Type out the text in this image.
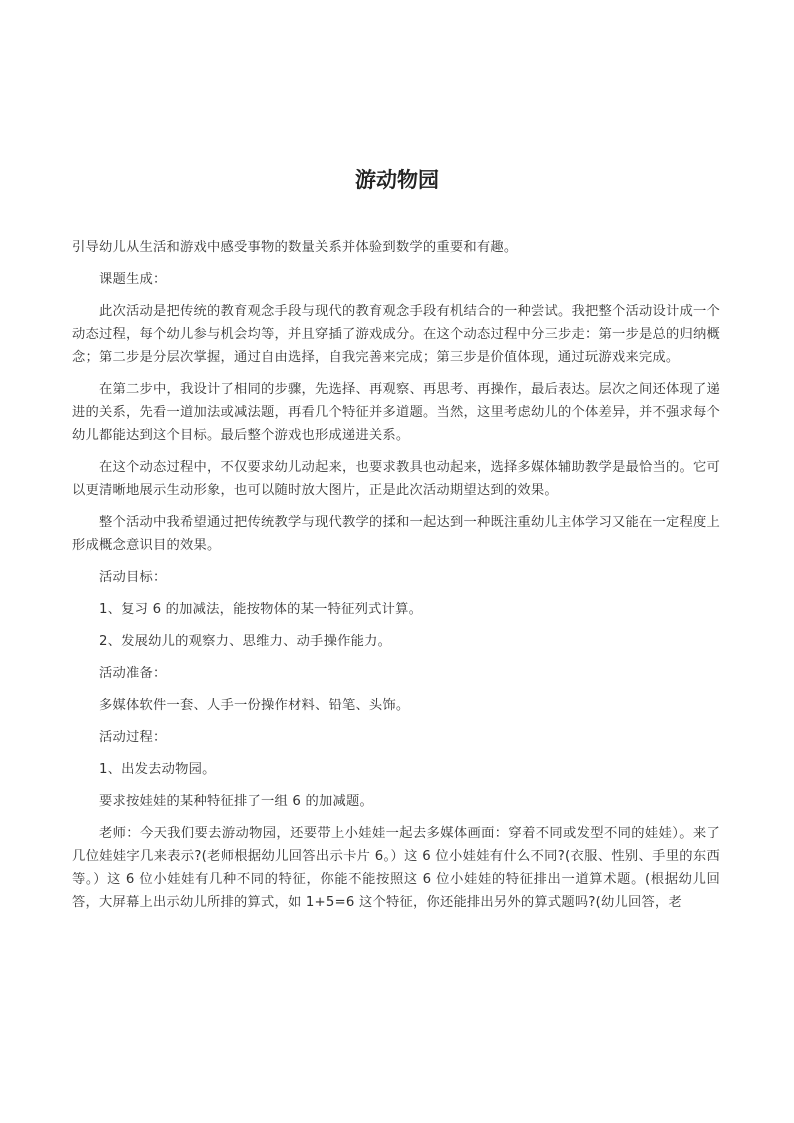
游动物园

引导幼儿从生活和游戏中感受事物的数量关系并体验到数学的重要和有趣。

课题生成：

此次活动是把传统的教育观念手段与现代的教育观念手段有机结合的一种尝试。我把整个活动设计成一个动态过程，每个幼儿参与机会均等，并且穿插了游戏成分。在这个动态过程中分三步走：第一步是总的归纳概念；第二步是分层次掌握，通过自由选择，自我完善来完成；第三步是价值体现，通过玩游戏来完成。

在第二步中，我设计了相同的步骤，先选择、再观察、再思考、再操作，最后表达。层次之间还体现了递进的关系，先看一道加法或减法题，再看几个特征并多道题。当然，这里考虑幼儿的个体差异，并不强求每个幼儿都能达到这个目标。最后整个游戏也形成递进关系。

在这个动态过程中，不仅要求幼儿动起来，也要求教具也动起来，选择多媒体辅助教学是最恰当的。它可以更清晰地展示生动形象，也可以随时放大图片，正是此次活动期望达到的效果。

整个活动中我希望通过把传统教学与现代教学的揉和一起达到一种既注重幼儿主体学习又能在一定程度上形成概念意识目的效果。

活动目标：

1、复习 6 的加减法，能按物体的某一特征列式计算。

2、发展幼儿的观察力、思维力、动手操作能力。

活动准备：

多媒体软件一套、人手一份操作材料、铅笔、头饰。

活动过程：

1、出发去动物园。

要求按娃娃的某种特征排了一组 6 的加减题。

老师：今天我们要去游动物园，还要带上小娃娃一起去多媒体画面：穿着不同或发型不同的娃娃）。来了几位娃娃字几来表示?(老师根据幼儿回答出示卡片 6。）这 6 位小娃娃有什么不同?(衣服、性别、手里的东西等。）这 6 位小娃娃有几种不同的特征，你能不能按照这 6 位小娃娃的特征排出一道算术题。(根据幼儿回答，大屏幕上出示幼儿所排的算式，如 1+5=6 这个特征，你还能排出另外的算式题吗?(幼儿回答，老
